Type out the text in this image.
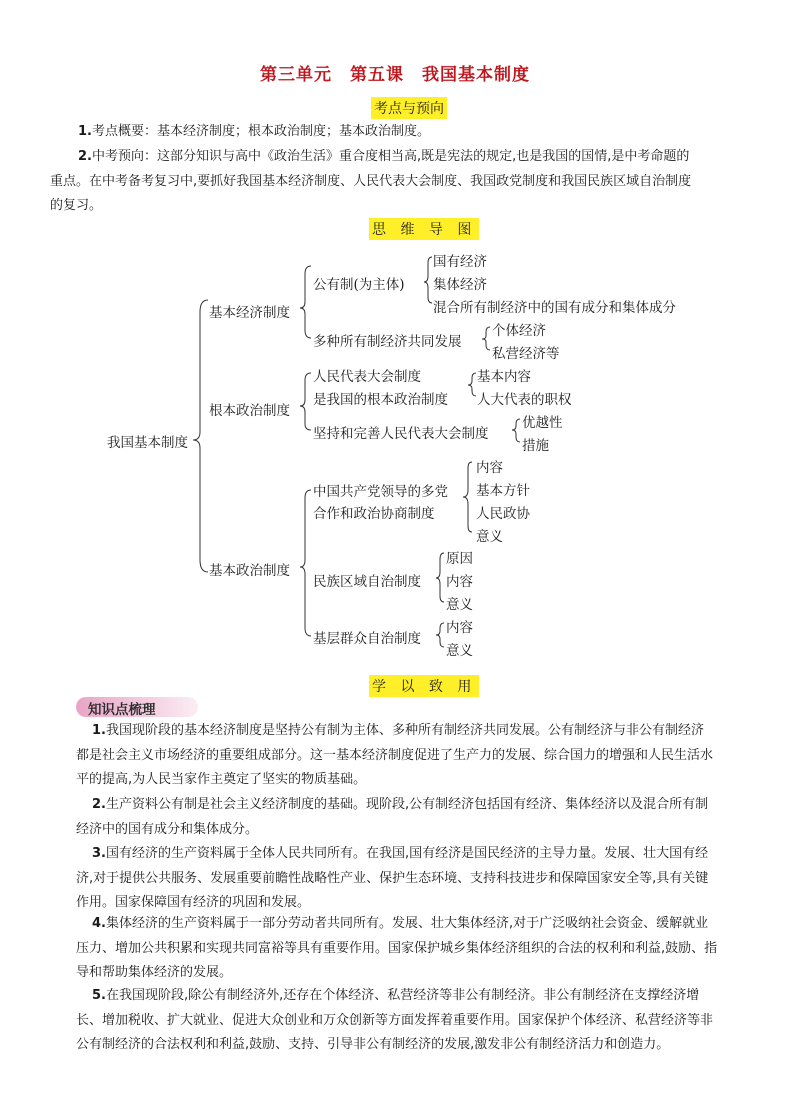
第三单元　第五课　我国基本制度
考点与预向
1.考点概要：基本经济制度；根本政治制度；基本政治制度。
2.中考预向：这部分知识与高中《政治生活》重合度相当高,既是宪法的规定,也是我国的国情,是中考命题的
重点。在中考备考复习中,要抓好我国基本经济制度、人民代表大会制度、我国政党制度和我国民族区域自治制度
的复习。
思 维 导 图
我国基本制度
基本经济制度
公有制(为主体)
国有经济
集体经济
混合所有制经济中的国有成分和集体成分
多种所有制经济共同发展
个体经济
私营经济等
根本政治制度
人民代表大会制度
是我国的根本政治制度
基本内容
人大代表的职权
坚持和完善人民代表大会制度
优越性
措施
基本政治制度
中国共产党领导的多党
合作和政治协商制度
内容
基本方针
人民政协
意义
民族区域自治制度
原因
内容
意义
基层群众自治制度
内容
意义
学 以 致 用
知识点梳理
1.我国现阶段的基本经济制度是坚持公有制为主体、多种所有制经济共同发展。公有制经济与非公有制经济
都是社会主义市场经济的重要组成部分。这一基本经济制度促进了生产力的发展、综合国力的增强和人民生活水
平的提高,为人民当家作主奠定了坚实的物质基础。
2.生产资料公有制是社会主义经济制度的基础。现阶段,公有制经济包括国有经济、集体经济以及混合所有制
经济中的国有成分和集体成分。
3.国有经济的生产资料属于全体人民共同所有。在我国,国有经济是国民经济的主导力量。发展、壮大国有经
济,对于提供公共服务、发展重要前瞻性战略性产业、保护生态环境、支持科技进步和保障国家安全等,具有关键
作用。国家保障国有经济的巩固和发展。
4.集体经济的生产资料属于一部分劳动者共同所有。发展、壮大集体经济,对于广泛吸纳社会资金、缓解就业
压力、增加公共积累和实现共同富裕等具有重要作用。国家保护城乡集体经济组织的合法的权利和利益,鼓励、指
导和帮助集体经济的发展。
5.在我国现阶段,除公有制经济外,还存在个体经济、私营经济等非公有制经济。非公有制经济在支撑经济增
长、增加税收、扩大就业、促进大众创业和万众创新等方面发挥着重要作用。国家保护个体经济、私营经济等非
公有制经济的合法权利和利益,鼓励、支持、引导非公有制经济的发展,激发非公有制经济活力和创造力。
